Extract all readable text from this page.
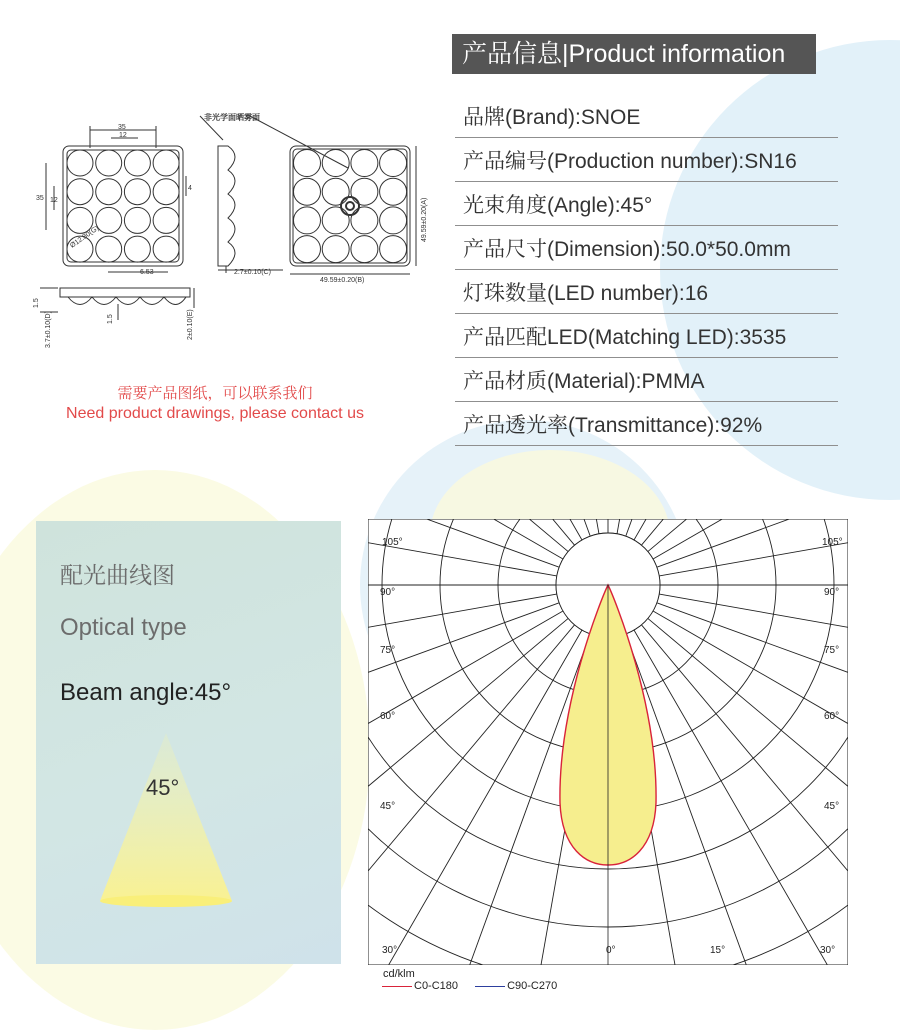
产品信息|Product information
品牌(Brand):SNOE
产品编号(Production number):SN16
光束角度(Angle):45°
产品尺寸(Dimension):50.0*50.0mm
灯珠数量(LED number):16
产品匹配LED(Matching LED):3535
产品材质(Material):PMMA
产品透光率(Transmittance):92%
非光学面晒雾面
35
12
35 12
4
6.53
Ø12.80(G)
2.7±0.10(C)
49.59±0.20(B)
49.59±0.20(A)
1.5
3.7±0.10(D)	1.5	2±0.10(E)
需要产品图纸，可以联系我们
Need product drawings, please contact us
配光曲线图
Optical type
Beam angle:45°
45°
105°	105°
90°	90°
75°	75°
60°	60°
45°	45°
30°	0°	15°	30°
cd/klm
C0-C180	C90-C270
